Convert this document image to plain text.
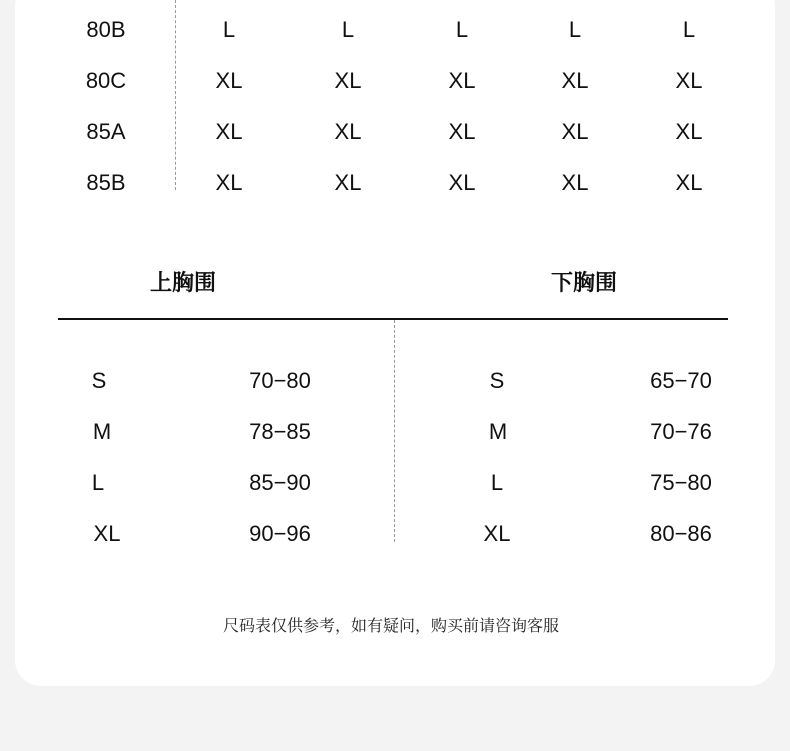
80B	L	L	L	L	L
80C	XL	XL	XL	XL	XL
85A	XL	XL	XL	XL	XL
85B	XL	XL	XL	XL	XL
上胸围	下胸围
S	70−80	S	65−70
M	78−85	M	70−76
L	85−90	L	75−80
XL	90−96	XL	80−86
尺码表仅供参考，如有疑问，购买前请咨询客服
